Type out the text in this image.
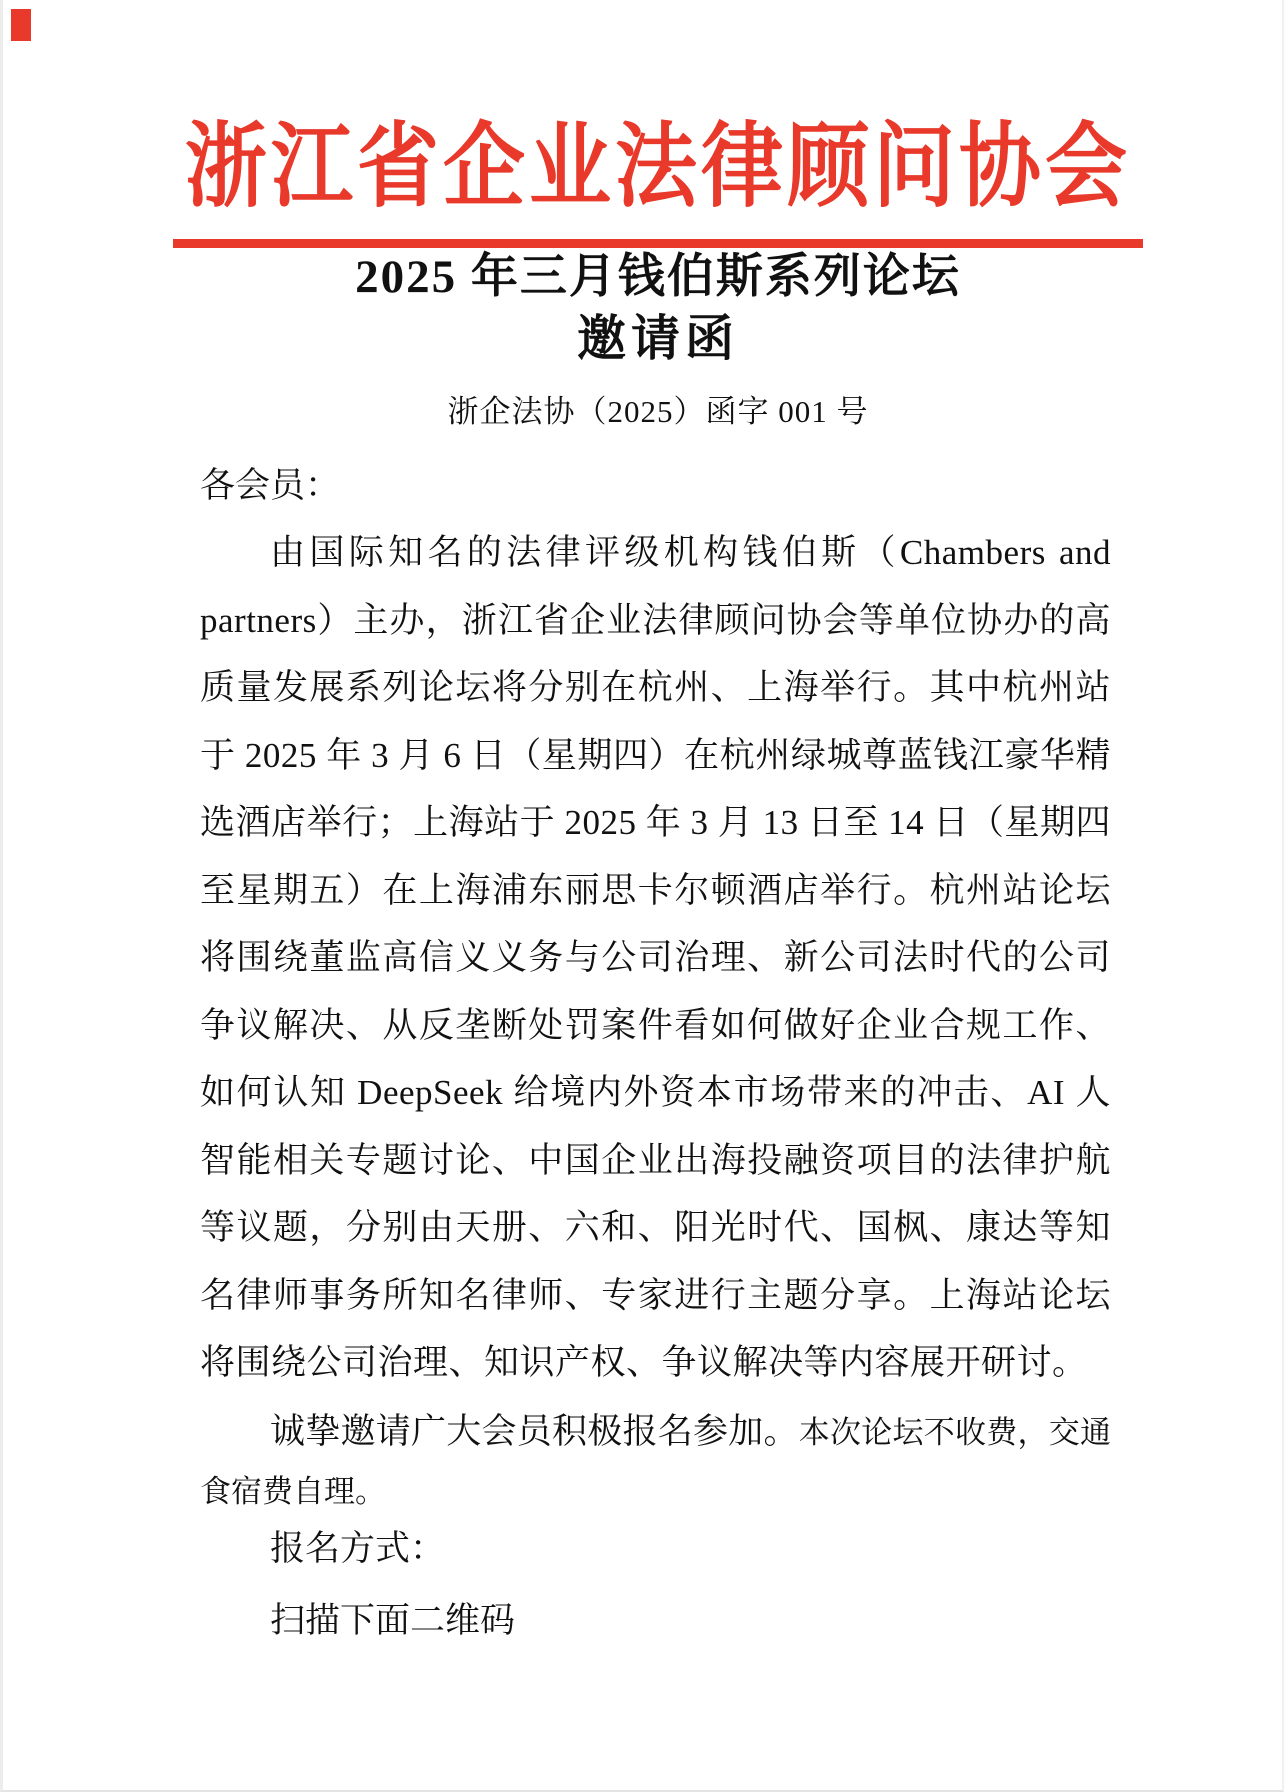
浙江省企业法律顾问协会
2025 年三月钱伯斯系列论坛
邀请函
浙企法协（2025）函字 001 号

各会员：

由国际知名的法律评级机构钱伯斯（Chambers and partners）主办，浙江省企业法律顾问协会等单位协办的高质量发展系列论坛将分别在杭州、上海举行。其中杭州站于 2025 年 3 月 6 日（星期四）在杭州绿城尊蓝钱江豪华精选酒店举行；上海站于 2025 年 3 月 13 日至 14 日（星期四至星期五）在上海浦东丽思卡尔顿酒店举行。杭州站论坛将围绕董监高信义义务与公司治理、新公司法时代的公司争议解决、从反垄断处罚案件看如何做好企业合规工作、如何认知 DeepSeek 给境内外资本市场带来的冲击、AI 人智能相关专题讨论、中国企业出海投融资项目的法律护航等议题，分别由天册、六和、阳光时代、国枫、康达等知名律师事务所知名律师、专家进行主题分享。上海站论坛将围绕公司治理、知识产权、争议解决等内容展开研讨。

诚挚邀请广大会员积极报名参加。本次论坛不收费，交通食宿费自理。

报名方式：

扫描下面二维码
